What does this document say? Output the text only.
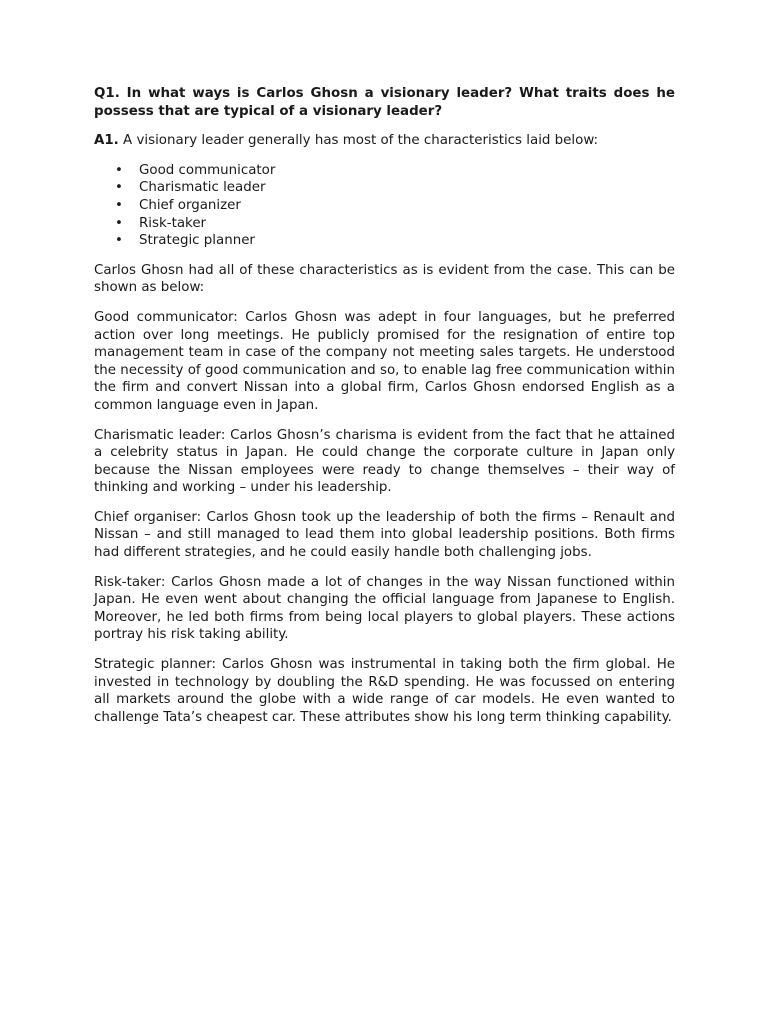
Q1. In what ways is Carlos Ghosn a visionary leader? What traits does he possess that are typical of a visionary leader?

A1. A visionary leader generally has most of the characteristics laid below:

• Good communicator
• Charismatic leader
• Chief organizer
• Risk-taker
• Strategic planner

Carlos Ghosn had all of these characteristics as is evident from the case. This can be shown as below:

Good communicator: Carlos Ghosn was adept in four languages, but he preferred action over long meetings. He publicly promised for the resignation of entire top management team in case of the company not meeting sales targets. He understood the necessity of good communication and so, to enable lag free communication within the firm and convert Nissan into a global firm, Carlos Ghosn endorsed English as a common language even in Japan.

Charismatic leader: Carlos Ghosn’s charisma is evident from the fact that he attained a celebrity status in Japan. He could change the corporate culture in Japan only because the Nissan employees were ready to change themselves – their way of thinking and working – under his leadership.

Chief organiser: Carlos Ghosn took up the leadership of both the firms – Renault and Nissan – and still managed to lead them into global leadership positions. Both firms had different strategies, and he could easily handle both challenging jobs.

Risk-taker: Carlos Ghosn made a lot of changes in the way Nissan functioned within Japan. He even went about changing the official language from Japanese to English. Moreover, he led both firms from being local players to global players. These actions portray his risk taking ability.

Strategic planner: Carlos Ghosn was instrumental in taking both the firm global. He invested in technology by doubling the R&D spending. He was focussed on entering all markets around the globe with a wide range of car models. He even wanted to challenge Tata’s cheapest car. These attributes show his long term thinking capability.
